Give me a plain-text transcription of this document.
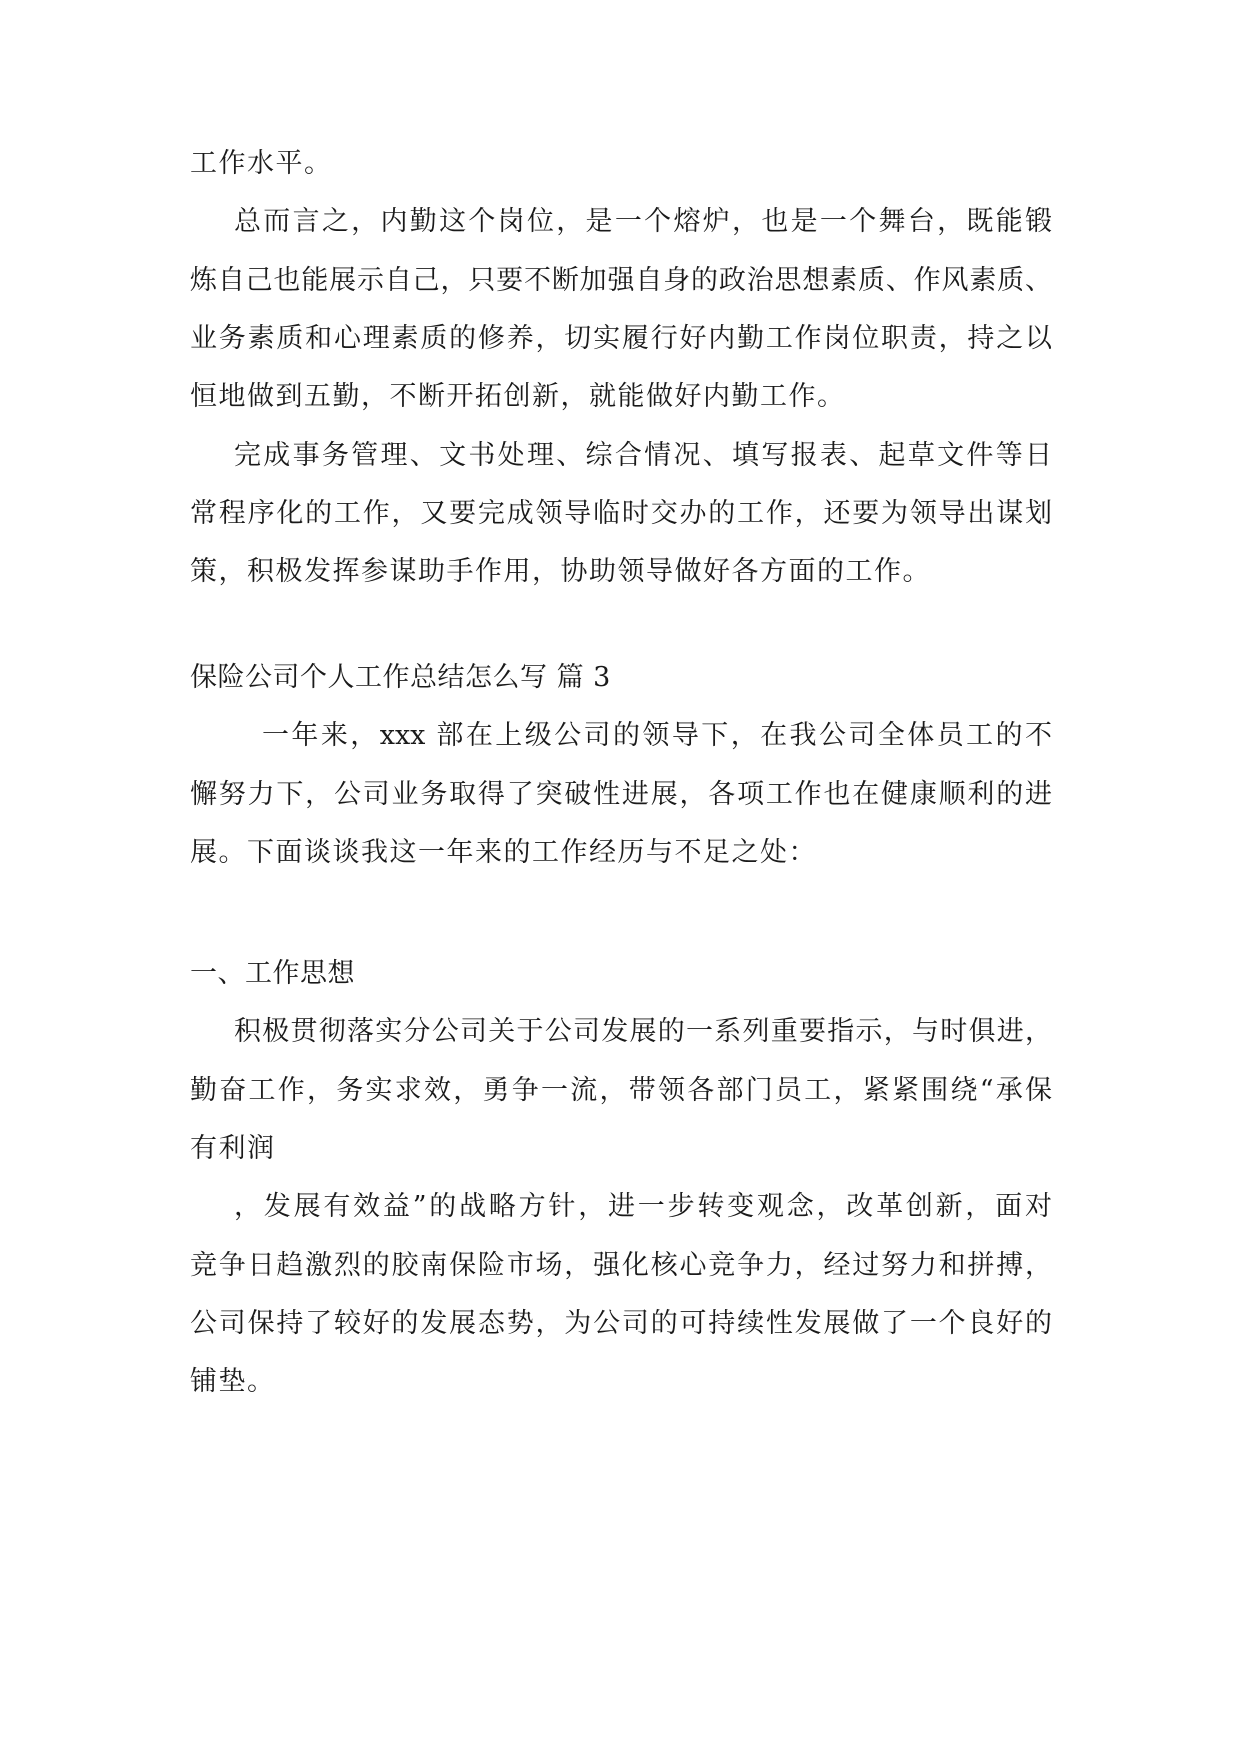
工作水平。

总而言之，内勤这个岗位，是一个熔炉，也是一个舞台，既能锻

炼自己也能展示自己，只要不断加强自身的政治思想素质、作风素质、

业务素质和心理素质的修养，切实履行好内勤工作岗位职责，持之以

恒地做到五勤，不断开拓创新，就能做好内勤工作。

完成事务管理、文书处理、综合情况、填写报表、起草文件等日

常程序化的工作，又要完成领导临时交办的工作，还要为领导出谋划

策，积极发挥参谋助手作用，协助领导做好各方面的工作。

保险公司个人工作总结怎么写 篇 3

一年来，xxx 部在上级公司的领导下，在我公司全体员工的不

懈努力下，公司业务取得了突破性进展，各项工作也在健康顺利的进

展。下面谈谈我这一年来的工作经历与不足之处：

一、工作思想

积极贯彻落实分公司关于公司发展的一系列重要指示，与时俱进，

勤奋工作，务实求效，勇争一流，带领各部门员工，紧紧围绕“承保

有利润

，发展有效益”的战略方针，进一步转变观念，改革创新，面对

竞争日趋激烈的胶南保险市场，强化核心竞争力，经过努力和拼搏，

公司保持了较好的发展态势，为公司的可持续性发展做了一个良好的

铺垫。
